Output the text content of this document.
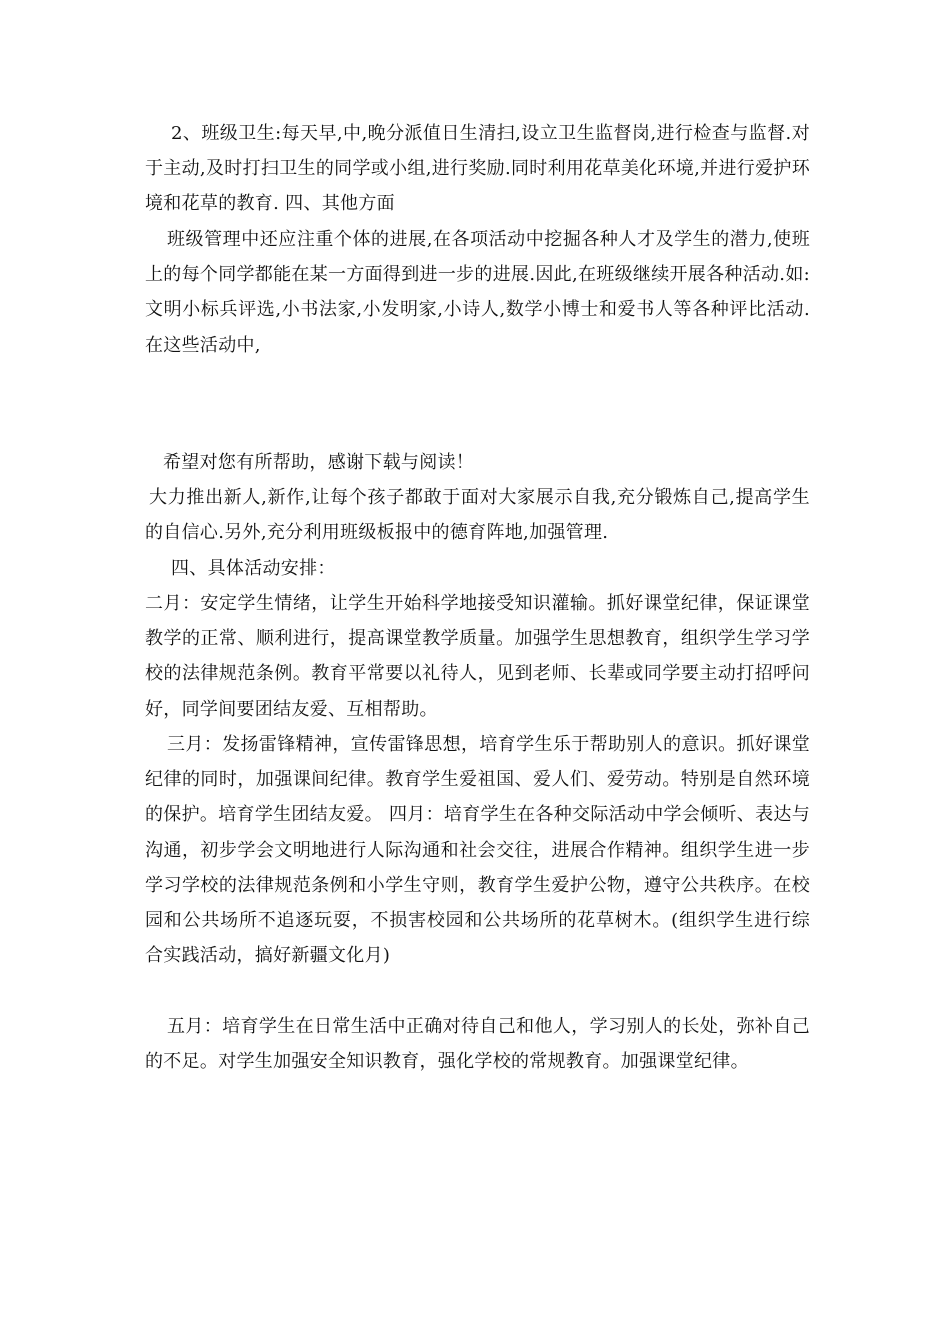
2、班级卫生:每天早,中,晚分派值日生清扫,设立卫生监督岗,进行检查与监督.对于主动,及时打扫卫生的同学或小组,进行奖励.同时利用花草美化环境,并进行爱护环境和花草的教育. 四、其他方面

班级管理中还应注重个体的进展,在各项活动中挖掘各种人才及学生的潜力,使班上的每个同学都能在某一方面得到进一步的进展.因此,在班级继续开展各种活动.如:文明小标兵评选,小书法家,小发明家,小诗人,数学小博士和爱书人等各种评比活动.在这些活动中,

希望对您有所帮助，感谢下载与阅读！

大力推出新人,新作,让每个孩子都敢于面对大家展示自我,充分锻炼自己,提高学生的自信心.另外,充分利用班级板报中的德育阵地,加强管理.

四、具体活动安排：

二月：安定学生情绪，让学生开始科学地接受知识灌输。抓好课堂纪律，保证课堂教学的正常、顺利进行，提高课堂教学质量。加强学生思想教育，组织学生学习学校的法律规范条例。教育平常要以礼待人，见到老师、长辈或同学要主动打招呼问好，同学间要团结友爱、互相帮助。

三月：发扬雷锋精神，宣传雷锋思想，培育学生乐于帮助别人的意识。抓好课堂纪律的同时，加强课间纪律。教育学生爱祖国、爱人们、爱劳动。特别是自然环境的保护。培育学生团结友爱。 四月：培育学生在各种交际活动中学会倾听、表达与沟通，初步学会文明地进行人际沟通和社会交往，进展合作精神。组织学生进一步学习学校的法律规范条例和小学生守则，教育学生爱护公物，遵守公共秩序。在校园和公共场所不追逐玩耍，不损害校园和公共场所的花草树木。(组织学生进行综合实践活动，搞好新疆文化月)

五月：培育学生在日常生活中正确对待自己和他人，学习别人的长处，弥补自己的不足。对学生加强安全知识教育，强化学校的常规教育。加强课堂纪律。
